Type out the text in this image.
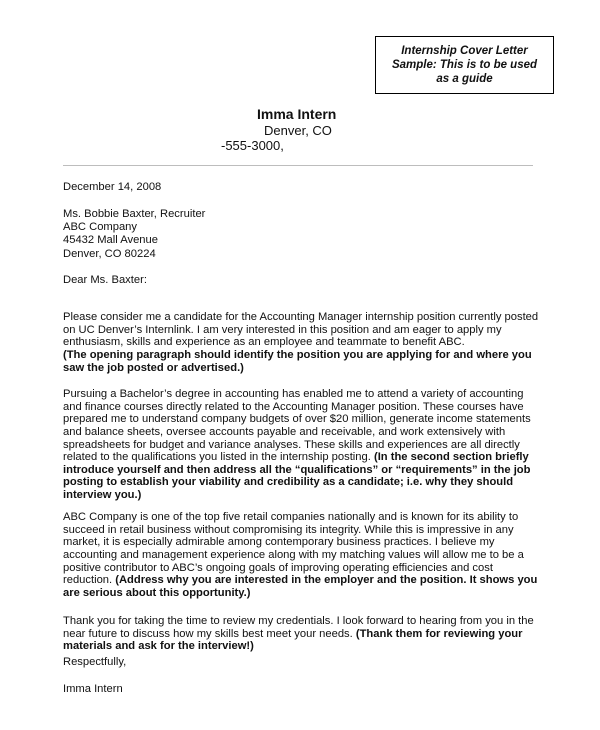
Internship Cover Letter
Sample: This is to be used
as a guide
Imma Intern
Denver, CO
-555-3000,
December 14, 2008
Ms. Bobbie Baxter, Recruiter
ABC Company
45432 Mall Avenue
Denver, CO 80224
Dear Ms. Baxter:

Please consider me a candidate for the Accounting Manager internship position currently posted on UC Denver’s Internlink. I am very interested in this position and am eager to apply my enthusiasm, skills and experience as an employee and teammate to benefit ABC.
(The opening paragraph should identify the position you are applying for and where you saw the job posted or advertised.)

Pursuing a Bachelor’s degree in accounting has enabled me to attend a variety of accounting and finance courses directly related to the Accounting Manager position. These courses have prepared me to understand company budgets of over $20 million, generate income statements and balance sheets, oversee accounts payable and receivable, and work extensively with spreadsheets for budget and variance analyses. These skills and experiences are all directly related to the qualifications you listed in the internship posting. (In the second section briefly introduce yourself and then address all the “qualifications” or “requirements” in the job posting to establish your viability and credibility as a candidate; i.e. why they should interview you.)

ABC Company is one of the top five retail companies nationally and is known for its ability to succeed in retail business without compromising its integrity. While this is impressive in any market, it is especially admirable among contemporary business practices. I believe my accounting and management experience along with my matching values will allow me to be a positive contributor to ABC’s ongoing goals of improving operating efficiencies and cost reduction. (Address why you are interested in the employer and the position. It shows you are serious about this opportunity.)

Thank you for taking the time to review my credentials. I look forward to hearing from you in the near future to discuss how my skills best meet your needs. (Thank them for reviewing your materials and ask for the interview!)

Respectfully,
Imma Intern
